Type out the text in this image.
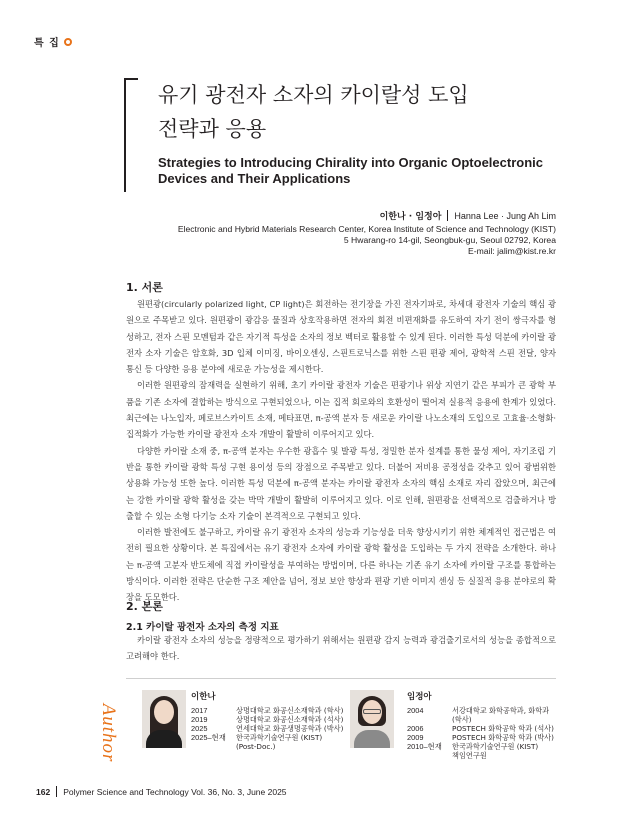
특 집
유기 광전자 소자의 카이랄성 도입
전략과 응용
Strategies to Introducing Chirality into Organic Optoelectronic
Devices and Their Applications
이한나 · 임정아 Hanna Lee · Jung Ah Lim
Electronic and Hybrid Materials Research Center, Korea Institute of Science and Technology (KIST)
5 Hwarang-ro 14-gil, Seongbuk-gu, Seoul 02792, Korea
E-mail: jalim@kist.re.kr
1. 서론

원편광(circularly polarized light, CP light)은 회전하는 전기장을 가진 전자기파로, 차세대 광전자 기술의 핵심 광원으로 주목받고 있다. 원편광이 광감응 물질과 상호작용하면 전자의 회전 비편재화를 유도하여 자기 전이 쌍극자를 형성하고, 전자 스핀 모멘텀과 같은 자기적 특성을 소자의 정보 벡터로 활용할 수 있게 된다. 이러한 특성 덕분에 카이랄 광전자 소자 기술은 암호화, 3D 입체 이미징, 바이오센싱, 스핀트로닉스를 위한 스핀 편광 제어, 광학적 스핀 전달, 양자 통신 등 다양한 응용 분야에 새로운 가능성을 제시한다.

이러한 원편광의 잠재력을 실현하기 위해, 초기 카이랄 광전자 기술은 편광기나 위상 지연기 같은 부피가 큰 광학 부품을 기존 소자에 결합하는 방식으로 구현되었으나, 이는 집적 회로와의 호환성이 떨어져 실용적 응용에 한계가 있었다. 최근에는 나노입자, 페로브스카이트 소재, 메타표면, π-공액 분자 등 새로운 카이랄 나노소재의 도입으로 고효율·소형화·집적화가 가능한 카이랄 광전자 소자 개발이 활발히 이루어지고 있다.

다양한 카이랄 소재 중, π-공액 분자는 우수한 광흡수 및 발광 특성, 정밀한 분자 설계를 통한 물성 제어, 자기조립 기반을 통한 카이랄 광학 특성 구현 용이성 등의 장점으로 주목받고 있다. 더불어 저비용 공정성을 갖추고 있어 광범위한 상용화 가능성 또한 높다. 이러한 특성 덕분에 π-공액 분자는 카이랄 광전자 소자의 핵심 소재로 자리 잡았으며, 최근에는 강한 카이랄 광학 활성을 갖는 박막 개발이 활발히 이루어지고 있다. 이로 인해, 원편광을 선택적으로 검출하거나 방출할 수 있는 소형 다기능 소자 기술이 본격적으로 구현되고 있다.

이러한 발전에도 불구하고, 카이랄 유기 광전자 소자의 성능과 기능성을 더욱 향상시키기 위한 체계적인 접근법은 여전히 필요한 상황이다. 본 특집에서는 유기 광전자 소자에 카이랄 광학 활성을 도입하는 두 가지 전략을 소개한다. 하나는 π-공액 고분자 반도체에 직접 카이랄성을 부여하는 방법이며, 다른 하나는 기존 유기 소자에 카이랄 구조를 통합하는 방식이다. 이러한 전략은 단순한 구조 제안을 넘어, 정보 보안 향상과 편광 기반 이미지 센싱 등 실질적 응용 분야로의 확장을 도모한다.

2. 본론
2.1 카이랄 광전자 소자의 측정 지표

카이랄 광전자 소자의 성능을 정량적으로 평가하기 위해서는 원편광 감지 능력과 광검출기로서의 성능을 종합적으로 고려해야 한다.

Author
이한나
2017
2019
2025
2025–현재
상명대학교 화공신소재학과 (학사)
상명대학교 화공신소재학과 (석사)
연세대학교 화공생명공학과 (박사)
한국과학기술연구원 (KIST)
(Post-Doc.)
임정아
2004
2006
2009
2010–현재
서강대학교 화학공학과, 화학과
(학사)
POSTECH 화학공학 학과 (석사)
POSTECH 화학공학 학과 (박사)
한국과학기술연구원 (KIST)
책임연구원
162 Polymer Science and Technology Vol. 36, No. 3, June 2025
